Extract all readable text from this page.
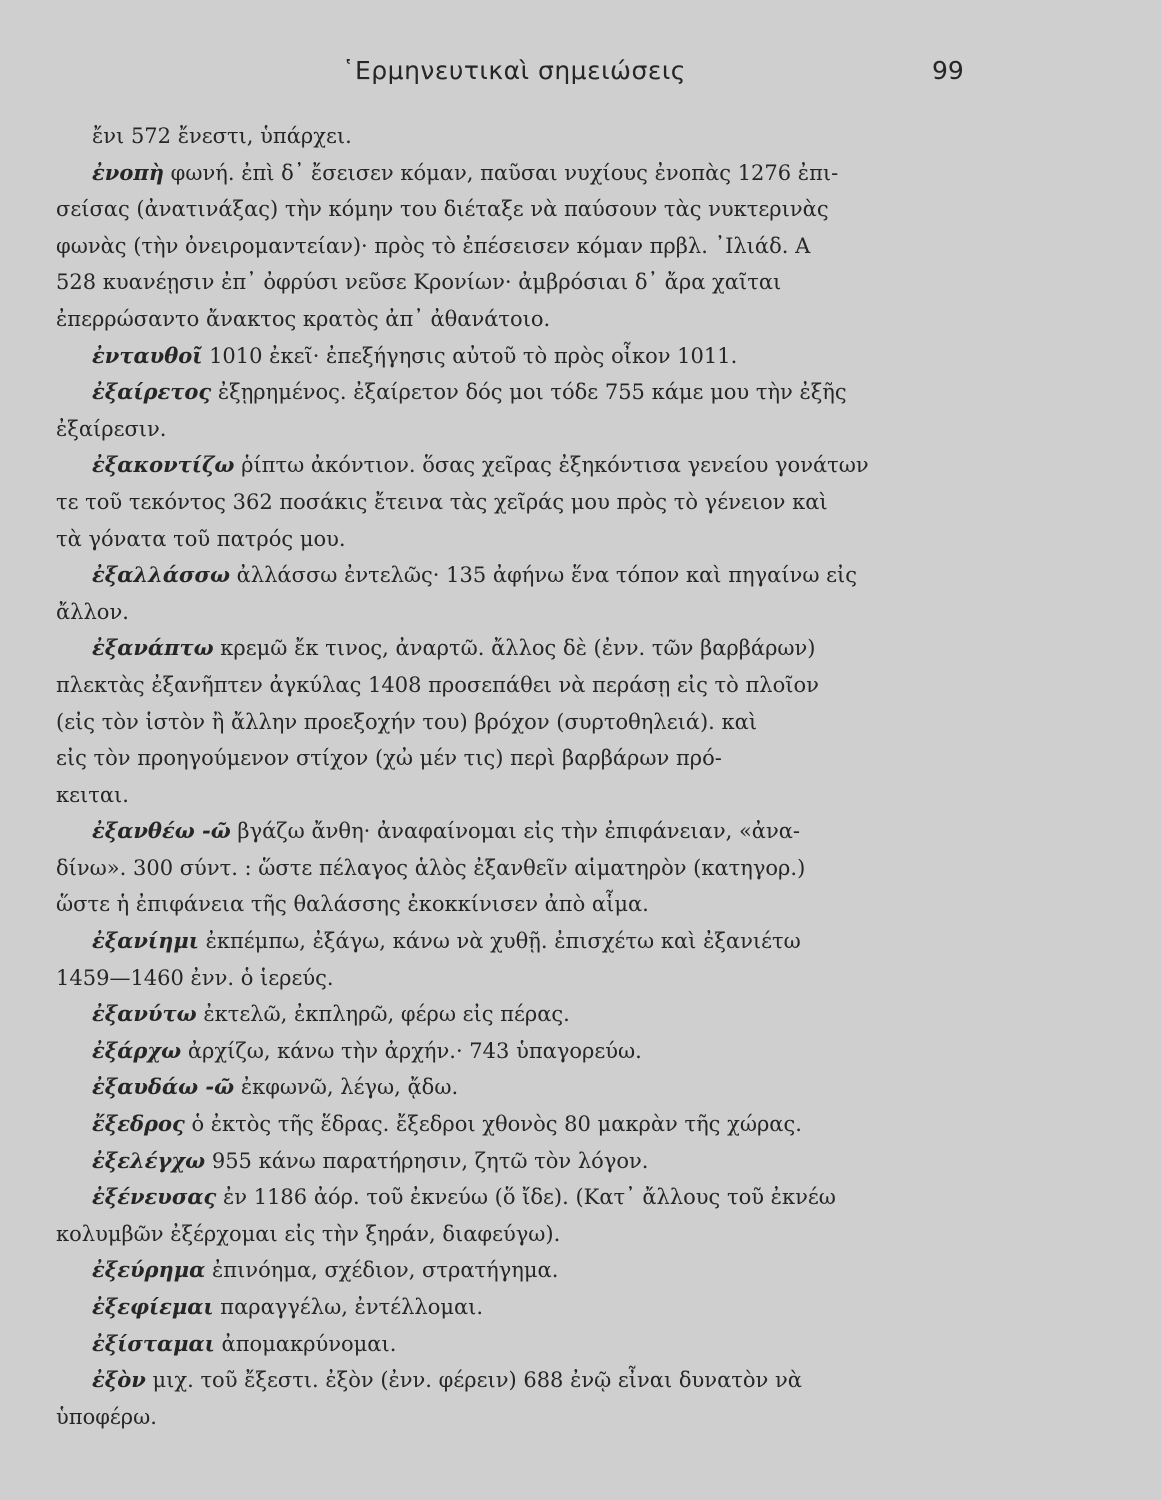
῾Ερμηνευτικαὶ σημειώσεις	99
ἔνι 572 ἔνεστι, ὑπάρχει.
ἐνοπὴ φωνή. ἐπὶ δ᾽ ἔσεισεν κόμαν, παῦσαι νυχίους ἐνοπὰς 1276 ἐπι-
σείσας (ἀνατινάξας) τὴν κόμην του διέταξε νὰ παύσουν τὰς νυκτερινὰς
φωνὰς (τὴν ὀνειρομαντείαν)· πρὸς τὸ ἐπέσεισεν κόμαν πρβλ. ᾽Ιλιάδ. Α
528 κυανέῃσιν ἐπ᾽ ὀφρύσι νεῦσε Κρονίων· ἀμβρόσιαι δ᾽ ἄρα χαῖται
ἐπερρώσαντο ἄνακτος κρατὸς ἀπ᾽ ἀθανάτοιο.
ἐνταυθοῖ 1010 ἐκεῖ· ἐπεξήγησις αὐτοῦ τὸ πρὸς οἶκον 1011.
ἐξαίρετος ἐξῃρημένος. ἐξαίρετον δός μοι τόδε 755 κάμε μου τὴν ἐξῆς
ἐξαίρεσιν.
ἐξακοντίζω ῥίπτω ἀκόντιον. ὅσας χεῖρας ἐξηκόντισα γενείου γονάτων
τε τοῦ τεκόντος 362 ποσάκις ἔτεινα τὰς χεῖράς μου πρὸς τὸ γένειον καὶ
τὰ γόνατα τοῦ πατρός μου.
ἐξαλλάσσω ἀλλάσσω ἐντελῶς· 135 ἀφήνω ἕνα τόπον καὶ πηγαίνω εἰς
ἄλλον.
ἐξανάπτω κρεμῶ ἔκ τινος, ἀναρτῶ. ἄλλος δὲ (ἐνν. τῶν βαρβάρων)
πλεκτὰς ἐξανῆπτεν ἀγκύλας 1408 προσεπάθει νὰ περάσῃ εἰς τὸ πλοῖον
(εἰς τὸν ἱστὸν ἢ ἄλλην προεξοχήν του) βρόχον (συρτοθηλειά). καὶ
εἰς τὸν προηγούμενον στίχον (χὠ μέν τις) περὶ βαρβάρων πρό-
κειται.
ἐξανθέω -ῶ βγάζω ἄνθη· ἀναφαίνομαι εἰς τὴν ἐπιφάνειαν, «ἀνα-
δίνω». 300 σύντ. : ὥστε πέλαγος ἁλὸς ἐξανθεῖν αἱματηρὸν (κατηγορ.)
ὥστε ἡ ἐπιφάνεια τῆς θαλάσσης ἐκοκκίνισεν ἀπὸ αἷμα.
ἐξανίημι ἐκπέμπω, ἐξάγω, κάνω νὰ χυθῇ. ἐπισχέτω καὶ ἐξανιέτω
1459—1460 ἐνν. ὁ ἱερεύς.
ἐξανύτω ἐκτελῶ, ἐκπληρῶ, φέρω εἰς πέρας.
ἐξάρχω ἀρχίζω, κάνω τὴν ἀρχήν.· 743 ὑπαγορεύω.
ἐξαυδάω -ῶ ἐκφωνῶ, λέγω, ᾄδω.
ἔξεδρος ὁ ἐκτὸς τῆς ἕδρας. ἔξεδροι χθονὸς 80 μακρὰν τῆς χώρας.
ἐξελέγχω 955 κάνω παρατήρησιν, ζητῶ τὸν λόγον.
ἐξένευσας ἐν 1186 ἀόρ. τοῦ ἐκνεύω (ὅ ἴδε). (Κατ᾽ ἄλλους τοῦ ἐκνέω
κολυμβῶν ἐξέρχομαι εἰς τὴν ξηράν, διαφεύγω).
ἐξεύρημα ἐπινόημα, σχέδιον, στρατήγημα.
ἐξεφίεμαι παραγγέλω, ἐντέλλομαι.
ἐξίσταμαι ἀπομακρύνομαι.
ἐξὸν μιχ. τοῦ ἔξεστι. ἐξὸν (ἐνν. φέρειν) 688 ἐνῷ εἶναι δυνατὸν νὰ
ὑποφέρω.
